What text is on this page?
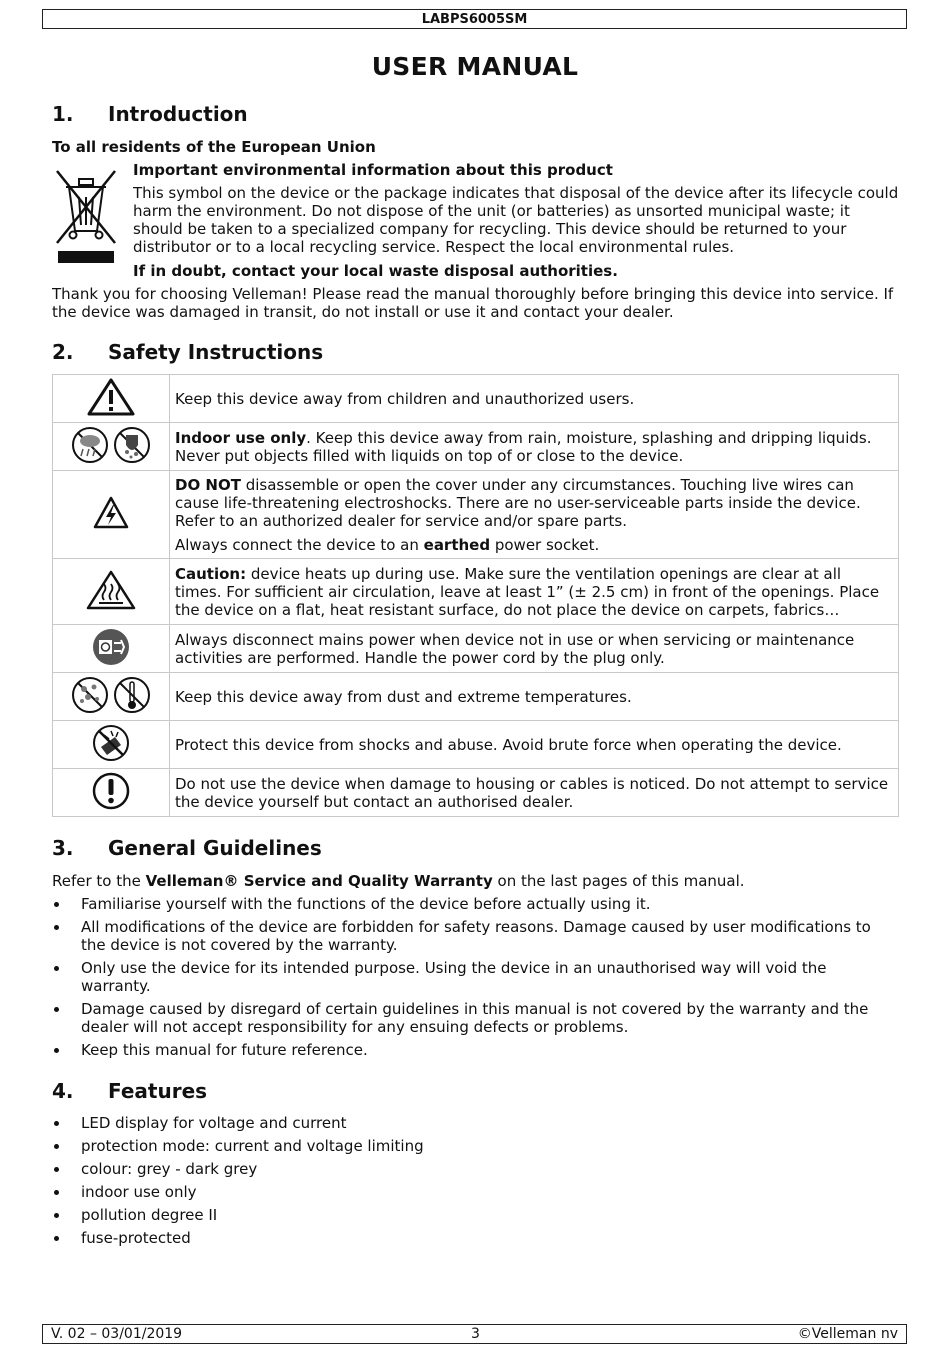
LABPS6005SM
USER MANUAL
1. Introduction
To all residents of the European Union
Important environmental information about this product
This symbol on the device or the package indicates that disposal of the device after its lifecycle could
harm the environment. Do not dispose of the unit (or batteries) as unsorted municipal waste; it
should be taken to a specialized company for recycling. This device should be returned to your
distributor or to a local recycling service. Respect the local environmental rules.
If in doubt, contact your local waste disposal authorities.
Thank you for choosing Velleman! Please read the manual thoroughly before bringing this device into service. If
the device was damaged in transit, do not install or use it and contact your dealer.
2. Safety Instructions

Keep this device away from children and unauthorized users.

Indoor use only. Keep this device away from rain, moisture, splashing and dripping liquids. Never put objects filled with liquids on top of or close to the device.

DO NOT disassemble or open the cover under any circumstances. Touching live wires can cause life-threatening electroshocks. There are no user-serviceable parts inside the device. Refer to an authorized dealer for service and/or spare parts.

Always connect the device to an earthed power socket.

Caution: device heats up during use. Make sure the ventilation openings are clear at all times. For sufficient air circulation, leave at least 1” (± 2.5 cm) in front of the openings. Place the device on a flat, heat resistant surface, do not place the device on carpets, fabrics…

Always disconnect mains power when device not in use or when servicing or maintenance activities are performed. Handle the power cord by the plug only.

Keep this device away from dust and extreme temperatures.

Protect this device from shocks and abuse. Avoid brute force when operating the device.

Do not use the device when damage to housing or cables is noticed. Do not attempt to service the device yourself but contact an authorised dealer.

3. General Guidelines
Refer to the Velleman® Service and Quality Warranty on the last pages of this manual.
Familiarise yourself with the functions of the device before actually using it.
All modifications of the device are forbidden for safety reasons. Damage caused by user modifications to the device is not covered by the warranty.
Only use the device for its intended purpose. Using the device in an unauthorised way will void the warranty.
Damage caused by disregard of certain guidelines in this manual is not covered by the warranty and the dealer will not accept responsibility for any ensuing defects or problems.
Keep this manual for future reference.
4. Features
LED display for voltage and current
protection mode: current and voltage limiting
colour: grey - dark grey
indoor use only
pollution degree II
fuse-protected
V. 02 – 03/01/2019	3	©Velleman nv
